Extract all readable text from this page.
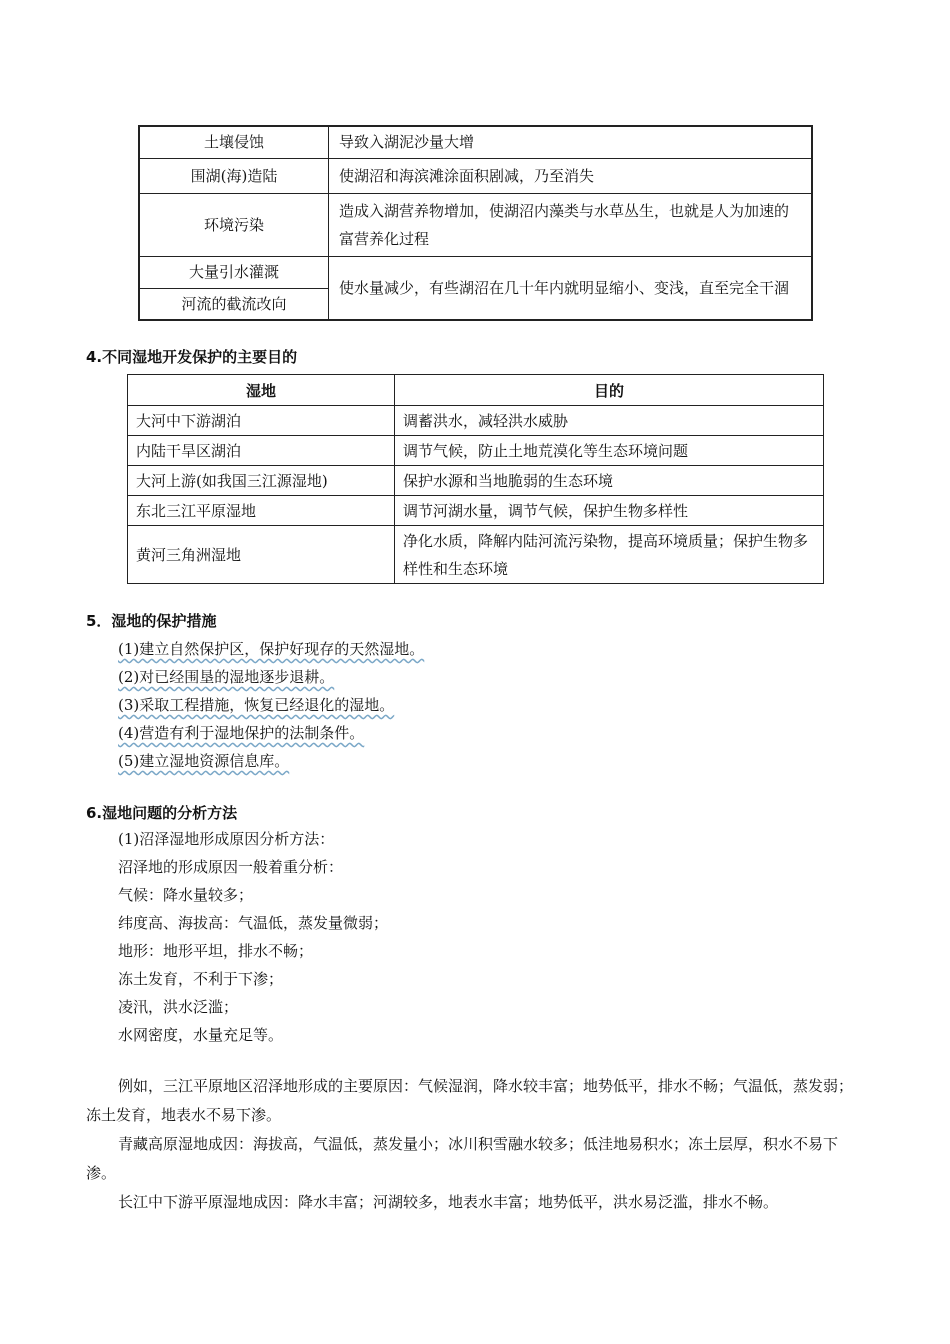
土壤侵蚀	导致入湖泥沙量大增
围湖(海)造陆	使湖沼和海滨滩涂面积剧减，乃至消失
环境污染	造成入湖营养物增加，使湖沼内藻类与水草丛生，也就是人为加速的富营养化过程
大量引水灌溉	使水量减少，有些湖沼在几十年内就明显缩小、变浅，直至完全干涸
河流的截流改向	
4.不同湿地开发保护的主要目的
湿地	目的
大河中下游湖泊	调蓄洪水，减轻洪水威胁
内陆干旱区湖泊	调节气候，防止土地荒漠化等生态环境问题
大河上游(如我国三江源湿地)	保护水源和当地脆弱的生态环境
东北三江平原湿地	调节河湖水量，调节气候，保护生物多样性
黄河三角洲湿地	净化水质，降解内陆河流污染物，提高环境质量；保护生物多样性和生态环境
5．湿地的保护措施
(1)建立自然保护区，保护好现存的天然湿地。
(2)对已经围垦的湿地逐步退耕。
(3)采取工程措施，恢复已经退化的湿地。
(4)营造有利于湿地保护的法制条件。
(5)建立湿地资源信息库。
6.湿地问题的分析方法
(1)沼泽湿地形成原因分析方法：
沼泽地的形成原因一般着重分析：
气候：降水量较多；
纬度高、海拔高：气温低，蒸发量微弱；
地形：地形平坦，排水不畅；
冻土发育，不利于下渗；
凌汛，洪水泛滥；
水网密度，水量充足等。
例如，三江平原地区沼泽地形成的主要原因：气候湿润，降水较丰富；地势低平，排水不畅；气温低，蒸发弱；冻土发育，地表水不易下渗。
青藏高原湿地成因：海拔高，气温低，蒸发量小；冰川积雪融水较多；低洼地易积水；冻土层厚，积水不易下渗。
长江中下游平原湿地成因：降水丰富；河湖较多，地表水丰富；地势低平，洪水易泛滥，排水不畅。
